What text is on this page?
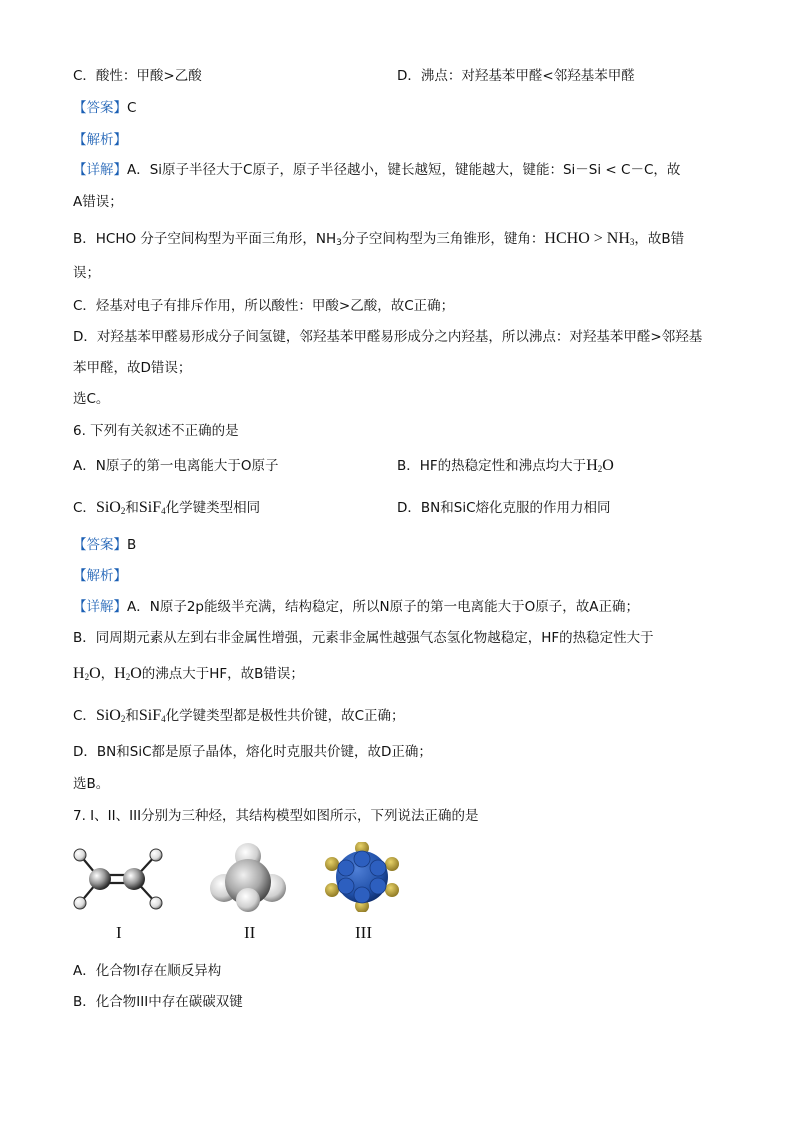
C．酸性：甲酸>乙酸	D．沸点：对羟基苯甲醛<邻羟基苯甲醛
【答案】C
【解析】
【详解】A．Si原子半径大于C原子，原子半径越小，键长越短，键能越大，键能：Si－Si < C－C，故
A错误；
B．HCHO 分子空间构型为平面三角形，$NH_3$分子空间构型为三角锥形，键角：HCHO > $NH_3$，故B错
误；
C．烃基对电子有排斥作用，所以酸性：甲酸>乙酸，故C正确；
D．对羟基苯甲醛易形成分子间氢键，邻羟基苯甲醛易形成分之内羟基，所以沸点：对羟基苯甲醛>邻羟基
苯甲醛，故D错误；
选C。
6. 下列有关叙述不正确的是
A．N原子的第一电离能大于O原子	B．HF的热稳定性和沸点均大于$H_2O$
C．SiO$_2$和SiF$_4$化学键类型相同	D．BN和SiC熔化克服的作用力相同
【答案】B
【解析】
【详解】A．N原子2p能级半充满，结构稳定，所以N原子的第一电离能大于O原子，故A正确；
B．同周期元素从左到右非金属性增强，元素非金属性越强气态氢化物越稳定，HF的热稳定性大于
$H_2O$，$H_2O$的沸点大于HF，故B错误；
C．SiO$_2$和SiF$_4$化学键类型都是极性共价键，故C正确；
D．BN和SiC都是原子晶体，熔化时克服共价键，故D正确；
选B。
7. I、II、III分别为三种烃，其结构模型如图所示，下列说法正确的是
I	II	III
A．化合物I存在顺反异构
B．化合物III中存在碳碳双键
